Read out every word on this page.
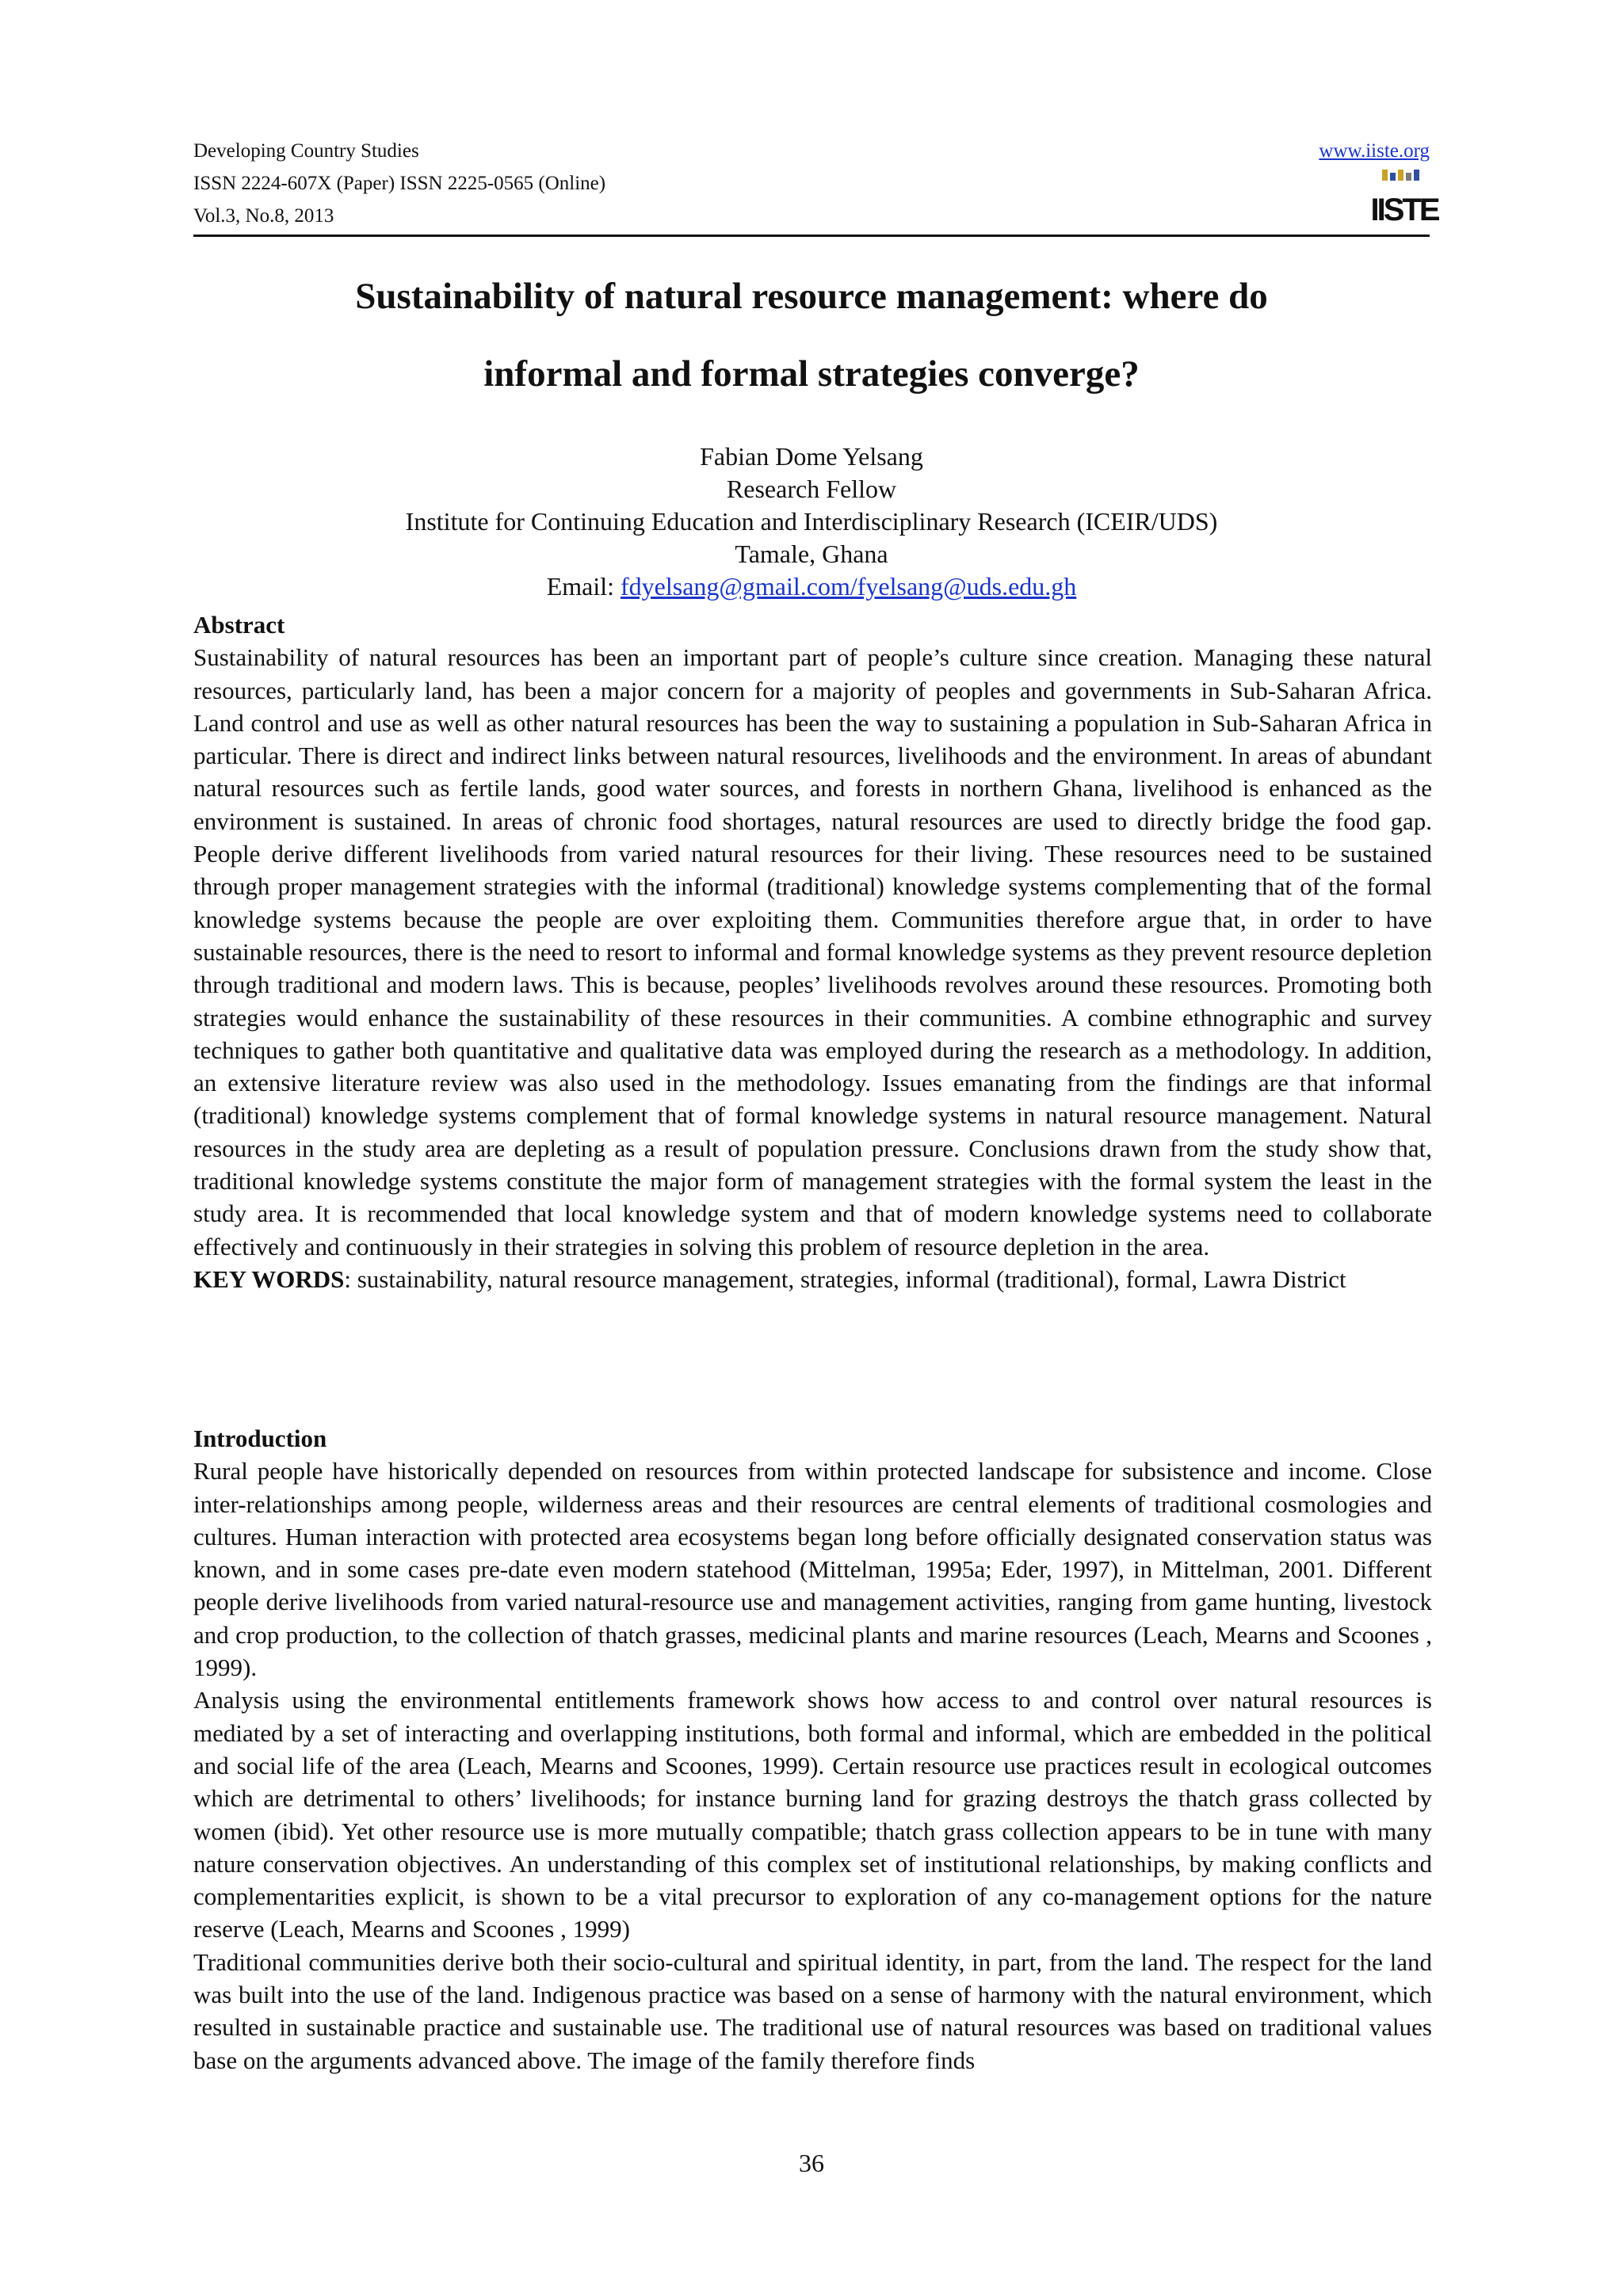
Developing Country Studies
ISSN 2224-607X (Paper) ISSN 2225-0565 (Online)
Vol.3, No.8, 2013
www.iiste.org
IISTE
Sustainability of natural resource management: where do
informal and formal strategies converge?
Fabian Dome Yelsang
Research Fellow
Institute for Continuing Education and Interdisciplinary Research (ICEIR/UDS)
Tamale, Ghana
Email: fdyelsang@gmail.com/fyelsang@uds.edu.gh
Abstract

Sustainability of natural resources has been an important part of people’s culture since creation. Managing these natural resources, particularly land, has been a major concern for a majority of peoples and governments in Sub-Saharan Africa. Land control and use as well as other natural resources has been the way to sustaining a population in Sub-Saharan Africa in particular. There is direct and indirect links between natural resources, livelihoods and the environment. In areas of abundant natural resources such as fertile lands, good water sources, and forests in northern Ghana, livelihood is enhanced as the environment is sustained. In areas of chronic food shortages, natural resources are used to directly bridge the food gap. People derive different livelihoods from varied natural resources for their living. These resources need to be sustained through proper management strategies with the informal (traditional) knowledge systems complementing that of the formal knowledge systems because the people are over exploiting them. Communities therefore argue that, in order to have sustainable resources, there is the need to resort to informal and formal knowledge systems as they prevent resource depletion through traditional and modern laws. This is because, peoples’ livelihoods revolves around these resources. Promoting both strategies would enhance the sustainability of these resources in their communities. A combine ethnographic and survey techniques to gather both quantitative and qualitative data was employed during the research as a methodology. In addition, an extensive literature review was also used in the methodology. Issues emanating from the findings are that informal (traditional) knowledge systems complement that of formal knowledge systems in natural resource management. Natural resources in the study area are depleting as a result of population pressure. Conclusions drawn from the study show that, traditional knowledge systems constitute the major form of management strategies with the formal system the least in the study area. It is recommended that local knowledge system and that of modern knowledge systems need to collaborate effectively and continuously in their strategies in solving this problem of resource depletion in the area.

KEY WORDS: sustainability, natural resource management, strategies, informal (traditional), formal, Lawra District

Introduction

Rural people have historically depended on resources from within protected landscape for subsistence and income. Close inter-relationships among people, wilderness areas and their resources are central elements of traditional cosmologies and cultures. Human interaction with protected area ecosystems began long before officially designated conservation status was known, and in some cases pre-date even modern statehood (Mittelman, 1995a; Eder, 1997), in Mittelman, 2001. Different people derive livelihoods from varied natural-resource use and management activities, ranging from game hunting, livestock and crop production, to the collection of thatch grasses, medicinal plants and marine resources (Leach, Mearns and Scoones , 1999).

Analysis using the environmental entitlements framework shows how access to and control over natural resources is mediated by a set of interacting and overlapping institutions, both formal and informal, which are embedded in the political and social life of the area (Leach, Mearns and Scoones, 1999). Certain resource use practices result in ecological outcomes which are detrimental to others’ livelihoods; for instance burning land for grazing destroys the thatch grass collected by women (ibid). Yet other resource use is more mutually compatible; thatch grass collection appears to be in tune with many nature conservation objectives. An understanding of this complex set of institutional relationships, by making conflicts and complementarities explicit, is shown to be a vital precursor to exploration of any co-management options for the nature reserve (Leach, Mearns and Scoones , 1999)

Traditional communities derive both their socio-cultural and spiritual identity, in part, from the land. The respect for the land was built into the use of the land. Indigenous practice was based on a sense of harmony with the natural environment, which resulted in sustainable practice and sustainable use. The traditional use of natural resources was based on traditional values base on the arguments advanced above. The image of the family therefore finds

36
